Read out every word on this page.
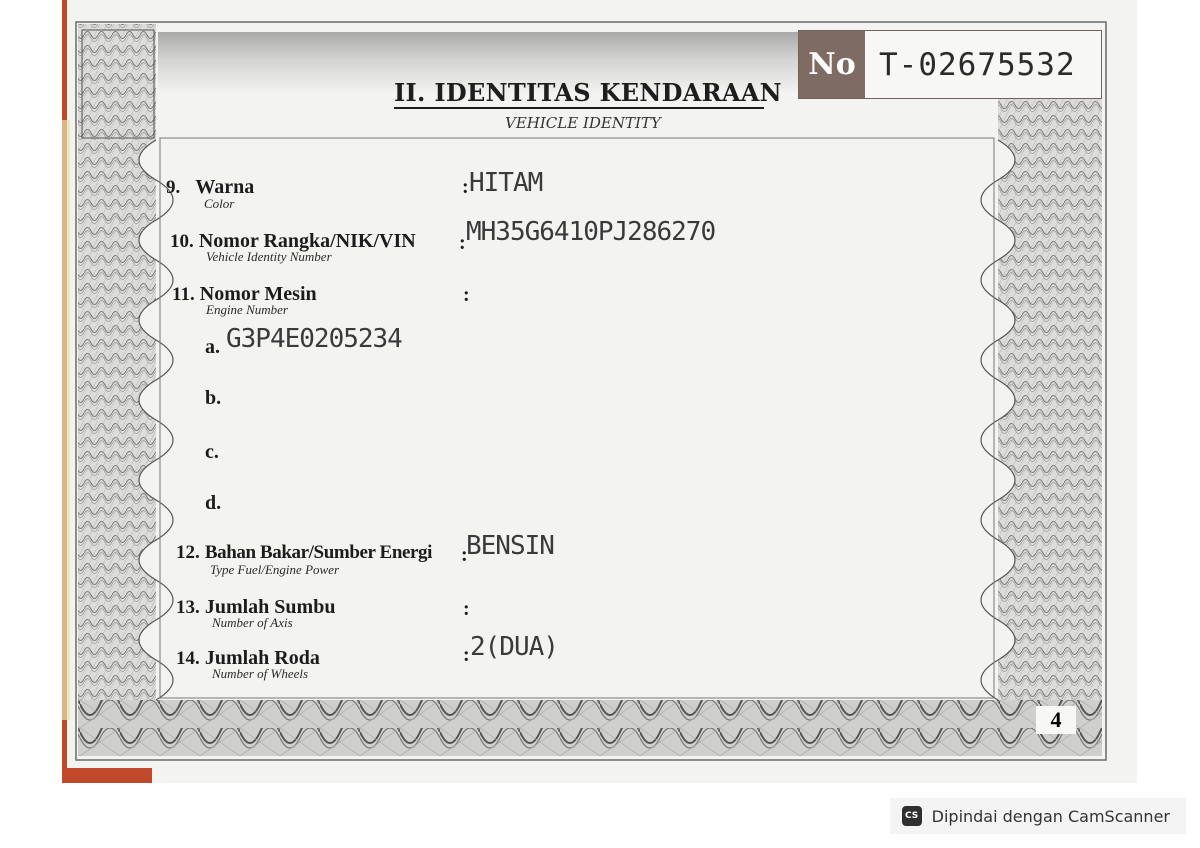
No T-02675532
II. IDENTITAS KENDARAAN
VEHICLE IDENTITY
9. Warna
Color
: HITAM
10. Nomor Rangka/NIK/VIN
Vehicle Identity Number
: MH35G6410PJ286270
11. Nomor Mesin
Engine Number
:
a. G3P4E0205234
b.
c.
d.
12. Bahan Bakar/Sumber Energi
Type Fuel/Engine Power
:
BENSIN
13. Jumlah Sumbu
Number of Axis
:
14. Jumlah Roda
Number of Wheels
: 2(DUA)
4
CS Dipindai dengan CamScanner
